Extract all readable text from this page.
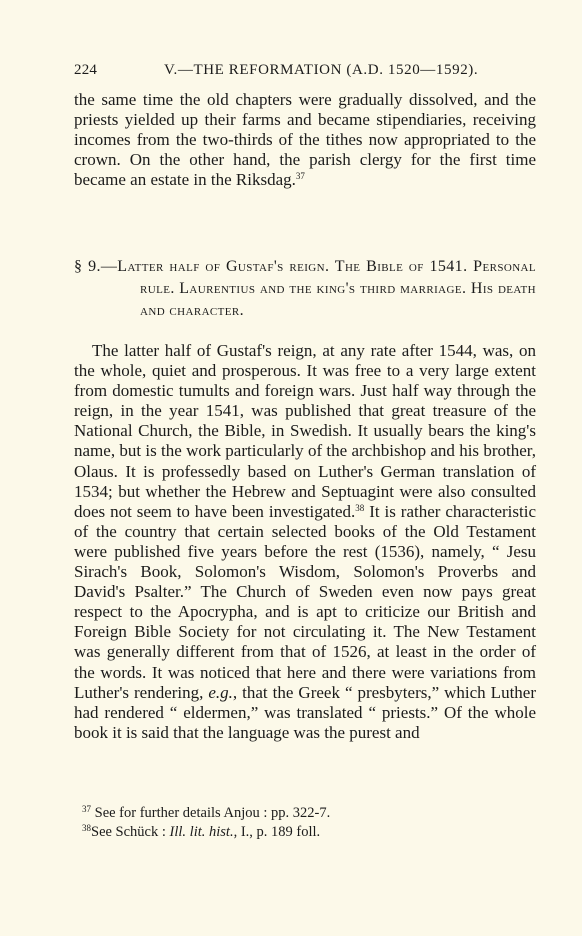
224	V.—THE REFORMATION (A.D. 1520—1592).

the same time the old chapters were gradually dissolved, and the priests yielded up their farms and became stipendiaries, receiving incomes from the two-thirds of the tithes now appropriated to the crown. On the other hand, the parish clergy for the first time became an estate in the Riksdag.$^{37}$

§ 9.—Latter half of Gustaf's reign. The Bible of 1541. Personal rule. Laurentius and the king's third marriage. His death and character.

The latter half of Gustaf's reign, at any rate after 1544, was, on the whole, quiet and prosperous. It was free to a very large extent from domestic tumults and foreign wars. Just half way through the reign, in the year 1541, was published that great treasure of the National Church, the Bible, in Swedish. It usually bears the king's name, but is the work particularly of the archbishop and his brother, Olaus. It is professedly based on Luther's German translation of 1534; but whether the Hebrew and Septuagint were also consulted does not seem to have been investigated.$^{38}$ It is rather characteristic of the country that certain selected books of the Old Testament were published five years before the rest (1536), namely, “ Jesu Sirach's Book, Solomon's Wisdom, Solomon's Proverbs and David's Psalter.” The Church of Sweden even now pays great respect to the Apocrypha, and is apt to criticize our British and Foreign Bible Society for not circulating it. The New Testament was generally different from that of 1526, at least in the order of the words. It was noticed that here and there were variations from Luther's rendering, e.g., that the Greek “ presbyters,” which Luther had rendered “ eldermen,” was translated “ priests.” Of the whole book it is said that the language was the purest and

$^{37}$ See for further details Anjou : pp. 322-7.
$^{38}$See Schück : Ill. lit. hist., I., p. 189 foll.
